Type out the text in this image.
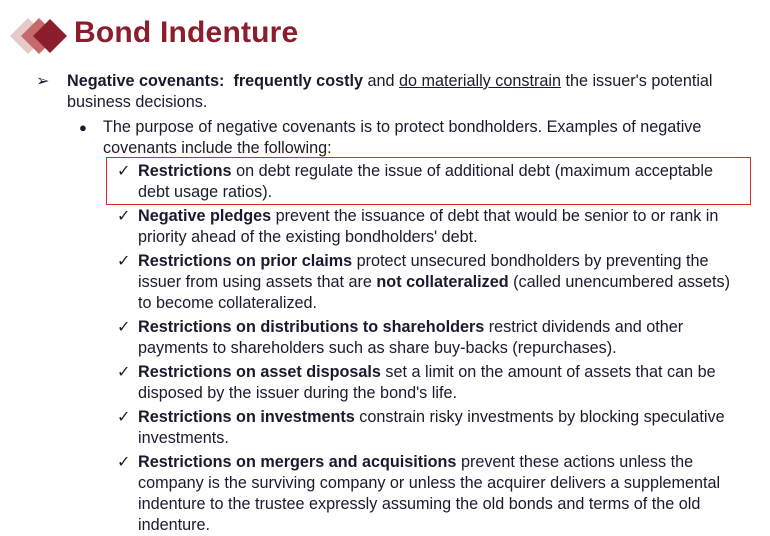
Bond Indenture
➢ Negative covenants: frequently costly and do materially constrain the issuer's potential
business decisions.
● The purpose of negative covenants is to protect bondholders. Examples of negative
covenants include the following:
✓ Restrictions on debt regulate the issue of additional debt (maximum acceptable
debt usage ratios).
✓ Negative pledges prevent the issuance of debt that would be senior to or rank in
priority ahead of the existing bondholders' debt.
✓ Restrictions on prior claims protect unsecured bondholders by preventing the
issuer from using assets that are not collateralized (called unencumbered assets)
to become collateralized.
✓ Restrictions on distributions to shareholders restrict dividends and other
payments to shareholders such as share buy-backs (repurchases).
✓ Restrictions on asset disposals set a limit on the amount of assets that can be
disposed by the issuer during the bond's life.
✓ Restrictions on investments constrain risky investments by blocking speculative
investments.
✓ Restrictions on mergers and acquisitions prevent these actions unless the
company is the surviving company or unless the acquirer delivers a supplemental
indenture to the trustee expressly assuming the old bonds and terms of the old
indenture.
